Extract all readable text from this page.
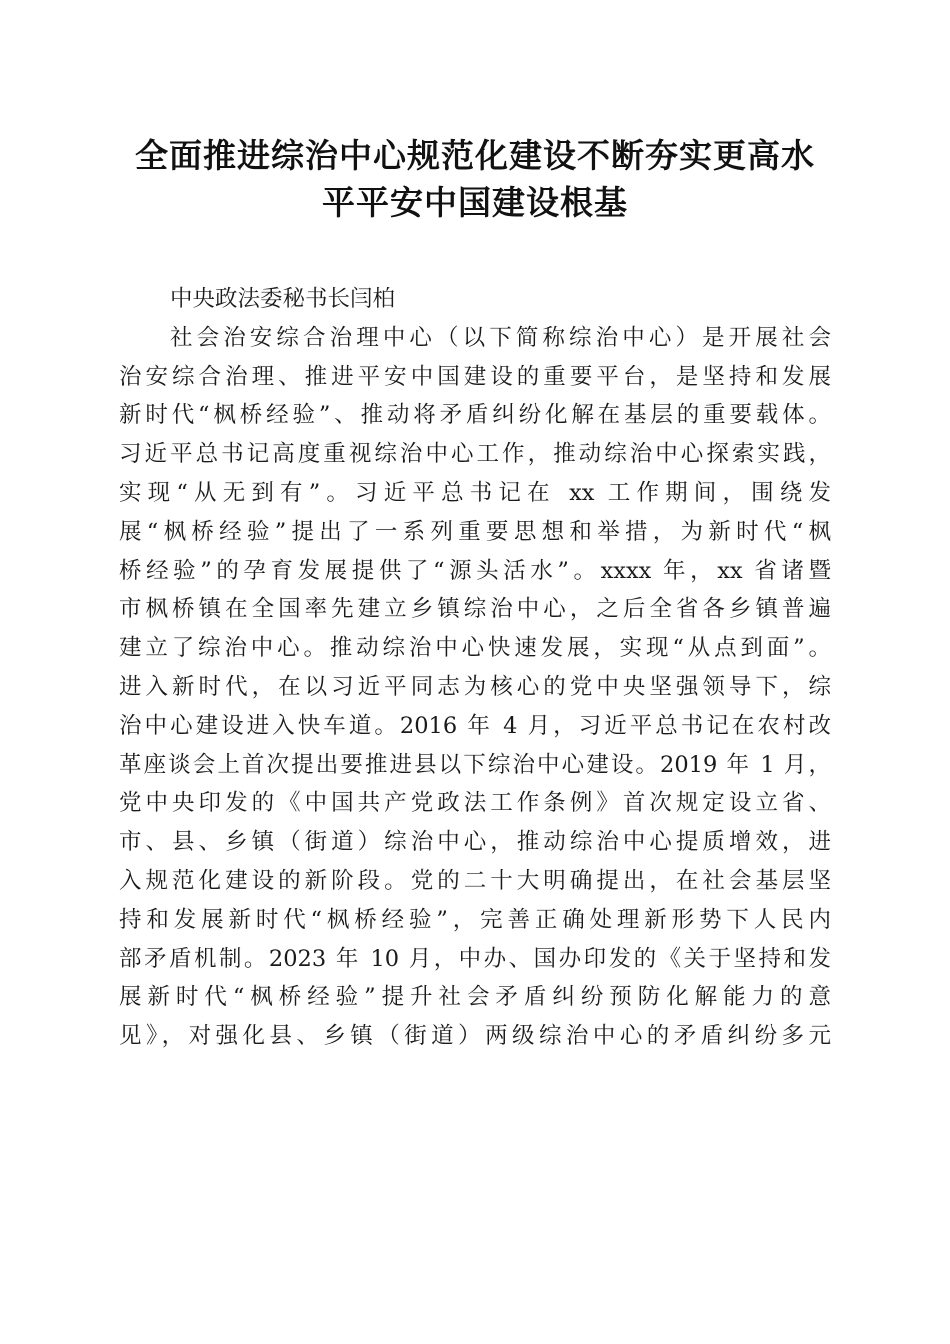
全面推进综治中心规范化建设不断夯实更高水
平平安中国建设根基
中央政法委秘书长闫柏
社会治安综合治理中心（以下简称综治中心）是开展社会
治安综合治理、推进平安中国建设的重要平台，是坚持和发展
新时代“枫桥经验”、推动将矛盾纠纷化解在基层的重要载体。
习近平总书记高度重视综治中心工作，推动综治中心探索实践，
实现“从无到有”。习近平总书记在 xx 工作期间，围绕发
展“枫桥经验”提出了一系列重要思想和举措，为新时代“枫
桥经验”的孕育发展提供了“源头活水”。xxxx 年，xx 省诸暨
市枫桥镇在全国率先建立乡镇综治中心，之后全省各乡镇普遍
建立了综治中心。推动综治中心快速发展，实现“从点到面”。
进入新时代，在以习近平同志为核心的党中央坚强领导下，综
治中心建设进入快车道。2016 年 4 月，习近平总书记在农村改
革座谈会上首次提出要推进县以下综治中心建设。2019 年 1 月，
党中央印发的《中国共产党政法工作条例》首次规定设立省、
市、县、乡镇（街道）综治中心，推动综治中心提质增效，进
入规范化建设的新阶段。党的二十大明确提出，在社会基层坚
持和发展新时代“枫桥经验”，完善正确处理新形势下人民内
部矛盾机制。2023 年 10 月，中办、国办印发的《关于坚持和发
展新时代“枫桥经验”提升社会矛盾纠纷预防化解能力的意
见》，对强化县、乡镇（街道）两级综治中心的矛盾纠纷多元
